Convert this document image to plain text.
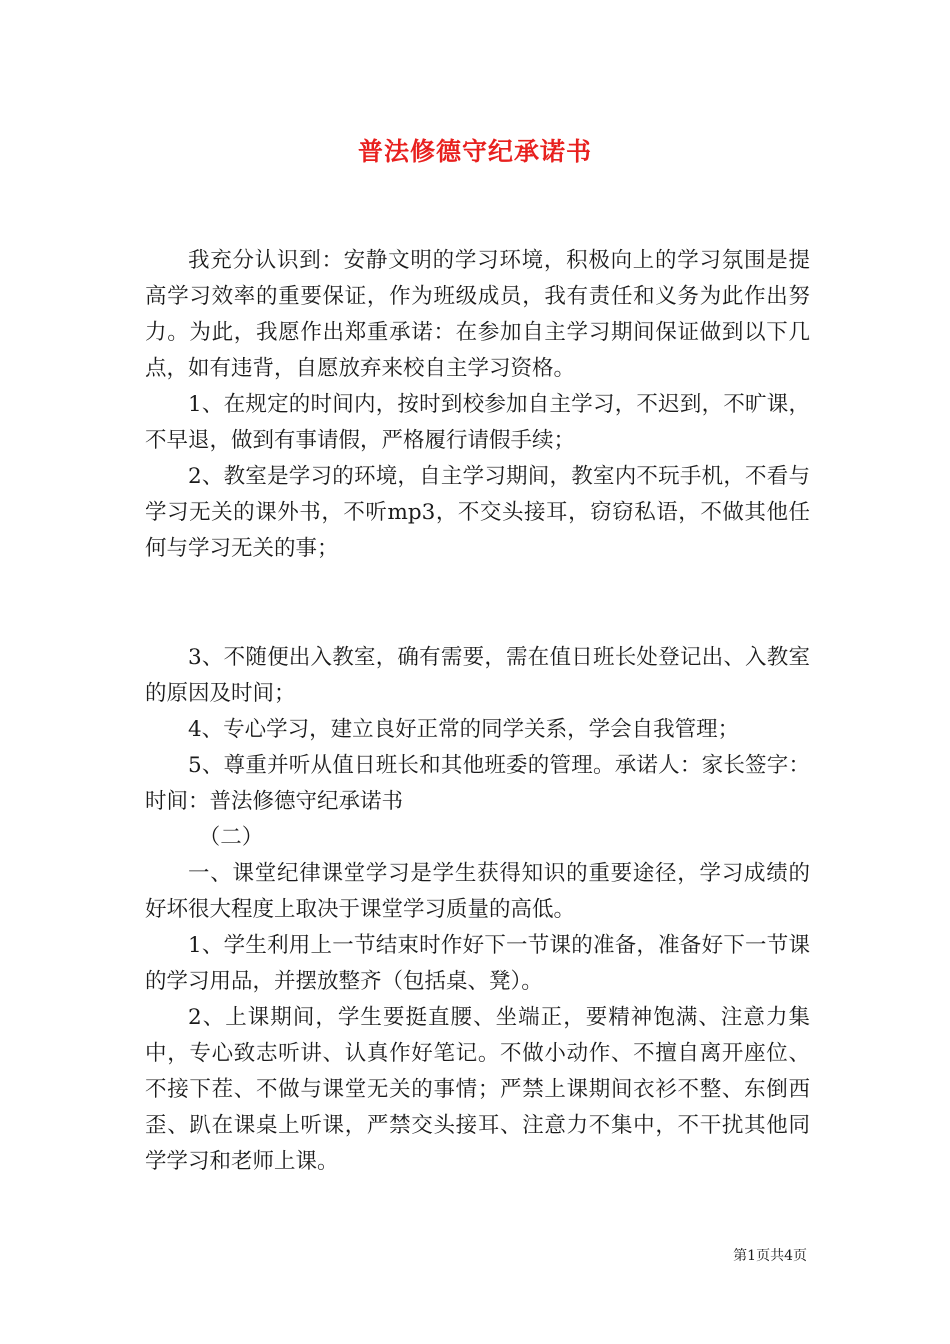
普法修德守纪承诺书

我充分认识到：安静文明的学习环境，积极向上的学习氛围是提高学习效率的重要保证，作为班级成员，我有责任和义务为此作出努力。为此，我愿作出郑重承诺：在参加自主学习期间保证做到以下几点，如有违背，自愿放弃来校自主学习资格。

1、在规定的时间内，按时到校参加自主学习，不迟到，不旷课，不早退，做到有事请假，严格履行请假手续；

2、教室是学习的环境，自主学习期间，教室内不玩手机，不看与学习无关的课外书，不听mp3，不交头接耳，窃窃私语，不做其他任何与学习无关的事；

3、不随便出入教室，确有需要，需在值日班长处登记出、入教室的原因及时间；

4、专心学习，建立良好正常的同学关系，学会自我管理；

5、尊重并听从值日班长和其他班委的管理。承诺人：家长签字：时间：普法修德守纪承诺书

（二）

一、课堂纪律课堂学习是学生获得知识的重要途径，学习成绩的好坏很大程度上取决于课堂学习质量的高低。

1、学生利用上一节结束时作好下一节课的准备，准备好下一节课的学习用品，并摆放整齐（包括桌、凳）。

2、上课期间，学生要挺直腰、坐端正，要精神饱满、注意力集中，专心致志听讲、认真作好笔记。不做小动作、不擅自离开座位、不接下茬、不做与课堂无关的事情；严禁上课期间衣衫不整、东倒西歪、趴在课桌上听课，严禁交头接耳、注意力不集中，不干扰其他同学学习和老师上课。

第1页共4页
